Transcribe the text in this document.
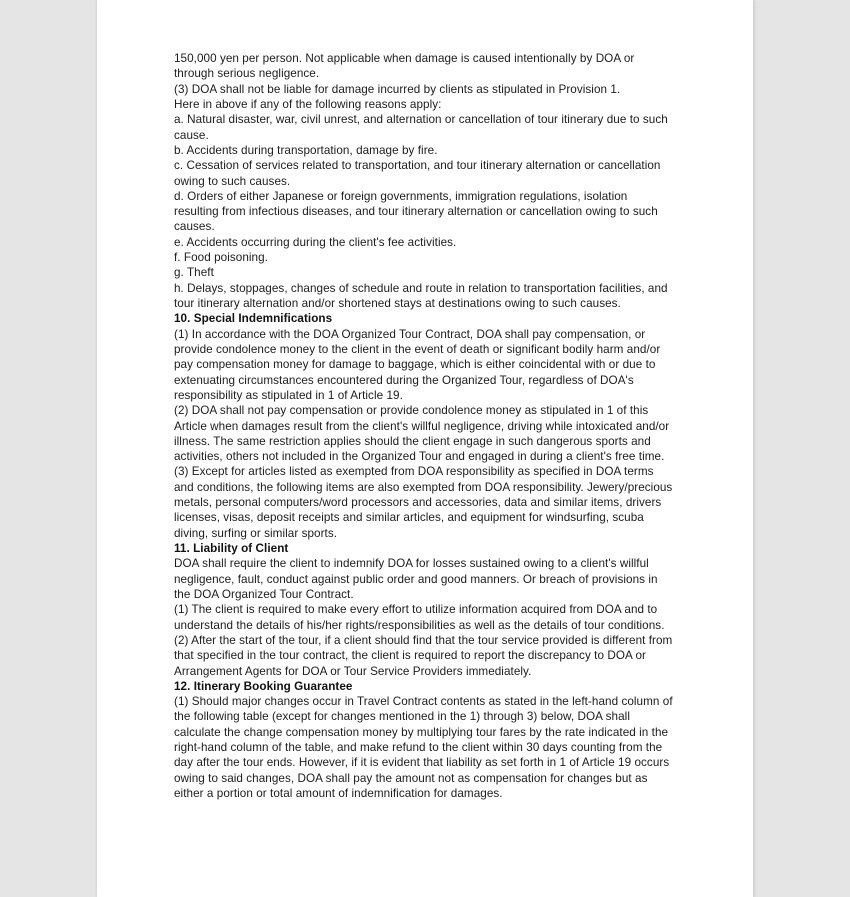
150,000 yen per person. Not applicable when damage is caused intentionally by DOA or through serious negligence.

(3) DOA shall not be liable for damage incurred by clients as stipulated in Provision 1.

Here in above if any of the following reasons apply:

a. Natural disaster, war, civil unrest, and alternation or cancellation of tour itinerary due to such cause.

b. Accidents during transportation, damage by fire.

c. Cessation of services related to transportation, and tour itinerary alternation or cancellation owing to such causes.

d. Orders of either Japanese or foreign governments, immigration regulations, isolation resulting from infectious diseases, and tour itinerary alternation or cancellation owing to such causes.

e. Accidents occurring during the client's fee activities.

f. Food poisoning.

g. Theft

h. Delays, stoppages, changes of schedule and route in relation to transportation facilities, and tour itinerary alternation and/or shortened stays at destinations owing to such causes.

10. Special Indemnifications

(1) In accordance with the DOA Organized Tour Contract, DOA shall pay compensation, or provide condolence money to the client in the event of death or significant bodily harm and/or pay compensation money for damage to baggage, which is either coincidental with or due to extenuating circumstances encountered during the Organized Tour, regardless of DOA's responsibility as stipulated in 1 of Article 19.

(2) DOA shall not pay compensation or provide condolence money as stipulated in 1 of this Article when damages result from the client's willful negligence, driving while intoxicated and/or illness. The same restriction applies should the client engage in such dangerous sports and activities, others not included in the Organized Tour and engaged in during a client's free time.

(3) Except for articles listed as exempted from DOA responsibility as specified in DOA terms and conditions, the following items are also exempted from DOA responsibility. Jewery/precious metals, personal computers/word processors and accessories, data and similar items, drivers licenses, visas, deposit receipts and similar articles, and equipment for windsurfing, scuba diving, surfing or similar sports.

11. Liability of Client

DOA shall require the client to indemnify DOA for losses sustained owing to a client's willful negligence, fault, conduct against public order and good manners. Or breach of provisions in the DOA Organized Tour Contract.

(1) The client is required to make every effort to utilize information acquired from DOA and to understand the details of his/her rights/responsibilities as well as the details of tour conditions.

(2) After the start of the tour, if a client should find that the tour service provided is different from that specified in the tour contract, the client is required to report the discrepancy to DOA or Arrangement Agents for DOA or Tour Service Providers immediately.

12. Itinerary Booking Guarantee

(1) Should major changes occur in Travel Contract contents as stated in the left-hand column of the following table (except for changes mentioned in the 1) through 3) below, DOA shall calculate the change compensation money by multiplying tour fares by the rate indicated in the right-hand column of the table, and make refund to the client within 30 days counting from the day after the tour ends. However, if it is evident that liability as set forth in 1 of Article 19 occurs owing to said changes, DOA shall pay the amount not as compensation for changes but as either a portion or total amount of indemnification for damages.
